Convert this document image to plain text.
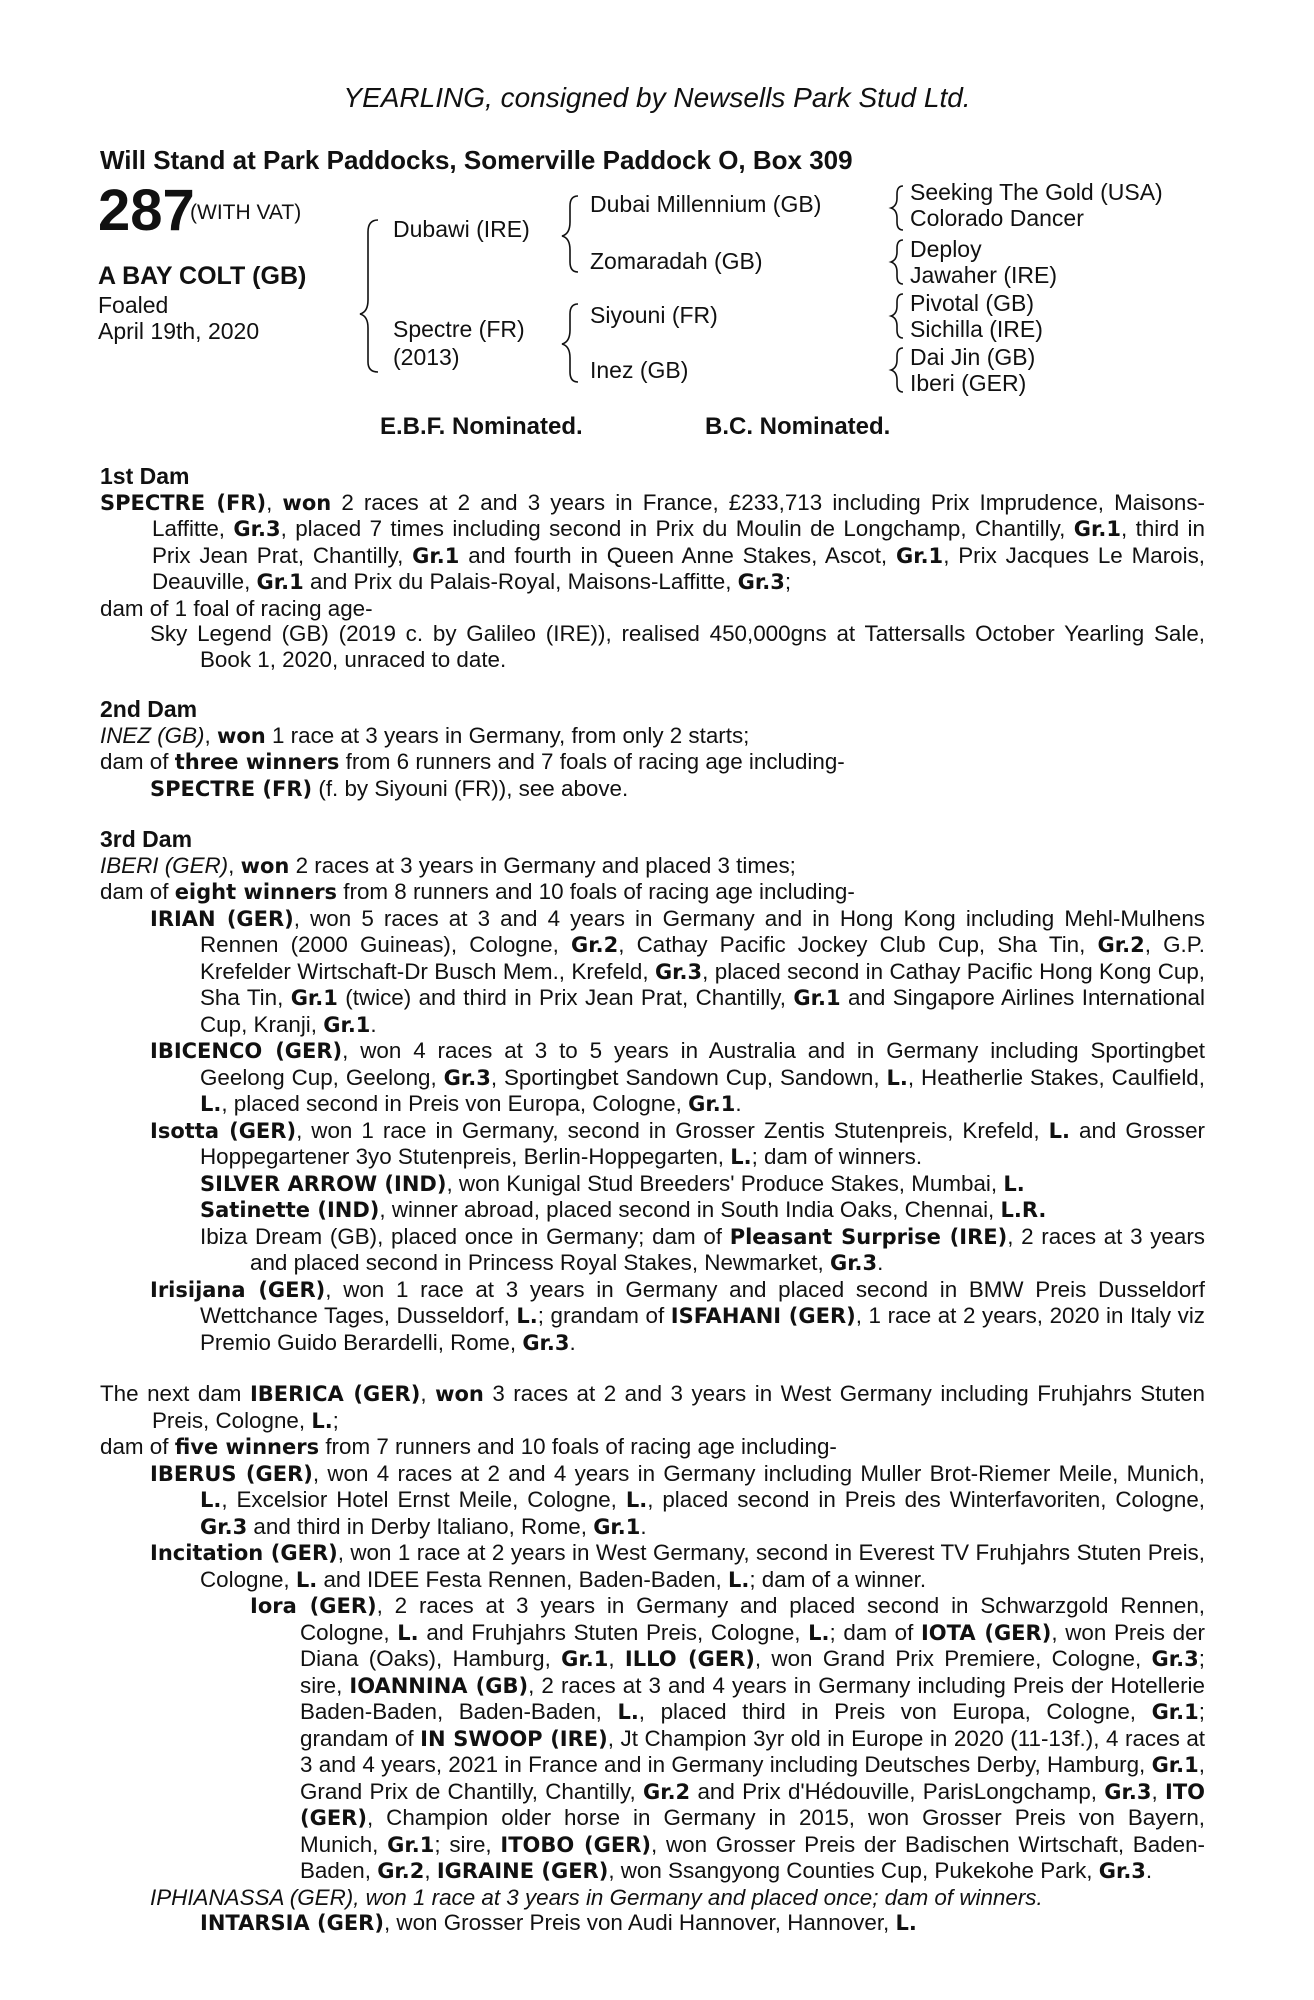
YEARLING, consigned by Newsells Park Stud Ltd.
Will Stand at Park Paddocks, Somerville Paddock O, Box 309
287
(WITH VAT)
A BAY COLT (GB)
Foaled
April 19th, 2020
Dubawi (IRE)
Spectre (FR)
(2013)
Dubai Millennium (GB)
Zomaradah (GB)
Siyouni (FR)
Inez (GB)
Seeking The Gold (USA)
Colorado Dancer
Deploy
Jawaher (IRE)
Pivotal (GB)
Sichilla (IRE)
Dai Jin (GB)
Iberi (GER)
E.B.F. Nominated.	B.C. Nominated.
1st Dam

SPECTRE (FR), won 2 races at 2 and 3 years in France, £233,713 including Prix Imprudence, Maisons-Laffitte, Gr.3, placed 7 times including second in Prix du Moulin de Longchamp, Chantilly, Gr.1, third in Prix Jean Prat, Chantilly, Gr.1 and fourth in Queen Anne Stakes, Ascot, Gr.1, Prix Jacques Le Marois, Deauville, Gr.1 and Prix du Palais-Royal, Maisons-Laffitte, Gr.3;

dam of 1 foal of racing age-

Sky Legend (GB) (2019 c. by Galileo (IRE)), realised 450,000gns at Tattersalls October Yearling Sale, Book 1, 2020, unraced to date.

2nd Dam

INEZ (GB), won 1 race at 3 years in Germany, from only 2 starts;

dam of three winners from 6 runners and 7 foals of racing age including-

SPECTRE (FR) (f. by Siyouni (FR)), see above.

3rd Dam

IBERI (GER), won 2 races at 3 years in Germany and placed 3 times;

dam of eight winners from 8 runners and 10 foals of racing age including-

IRIAN (GER), won 5 races at 3 and 4 years in Germany and in Hong Kong including Mehl-Mulhens Rennen (2000 Guineas), Cologne, Gr.2, Cathay Pacific Jockey Club Cup, Sha Tin, Gr.2, G.P. Krefelder Wirtschaft-Dr Busch Mem., Krefeld, Gr.3, placed second in Cathay Pacific Hong Kong Cup, Sha Tin, Gr.1 (twice) and third in Prix Jean Prat, Chantilly, Gr.1 and Singapore Airlines International Cup, Kranji, Gr.1.

IBICENCO (GER), won 4 races at 3 to 5 years in Australia and in Germany including Sportingbet Geelong Cup, Geelong, Gr.3, Sportingbet Sandown Cup, Sandown, L., Heatherlie Stakes, Caulfield, L., placed second in Preis von Europa, Cologne, Gr.1.

Isotta (GER), won 1 race in Germany, second in Grosser Zentis Stutenpreis, Krefeld, L. and Grosser Hoppegartener 3yo Stutenpreis, Berlin-Hoppegarten, L.; dam of winners.

SILVER ARROW (IND), won Kunigal Stud Breeders' Produce Stakes, Mumbai, L.

Satinette (IND), winner abroad, placed second in South India Oaks, Chennai, L.R.

Ibiza Dream (GB), placed once in Germany; dam of Pleasant Surprise (IRE), 2 races at 3 years and placed second in Princess Royal Stakes, Newmarket, Gr.3.

Irisijana (GER), won 1 race at 3 years in Germany and placed second in BMW Preis Dusseldorf Wettchance Tages, Dusseldorf, L.; grandam of ISFAHANI (GER), 1 race at 2 years, 2020 in Italy viz Premio Guido Berardelli, Rome, Gr.3.

The next dam IBERICA (GER), won 3 races at 2 and 3 years in West Germany including Fruhjahrs Stuten Preis, Cologne, L.;

dam of five winners from 7 runners and 10 foals of racing age including-

IBERUS (GER), won 4 races at 2 and 4 years in Germany including Muller Brot-Riemer Meile, Munich, L., Excelsior Hotel Ernst Meile, Cologne, L., placed second in Preis des Winterfavoriten, Cologne, Gr.3 and third in Derby Italiano, Rome, Gr.1.

Incitation (GER), won 1 race at 2 years in West Germany, second in Everest TV Fruhjahrs Stuten Preis, Cologne, L. and IDEE Festa Rennen, Baden-Baden, L.; dam of a winner.

Iora (GER), 2 races at 3 years in Germany and placed second in Schwarzgold Rennen, Cologne, L. and Fruhjahrs Stuten Preis, Cologne, L.; dam of IOTA (GER), won Preis der Diana (Oaks), Hamburg, Gr.1, ILLO (GER), won Grand Prix Premiere, Cologne, Gr.3; sire, IOANNINA (GB), 2 races at 3 and 4 years in Germany including Preis der Hotellerie Baden-Baden, Baden-Baden, L., placed third in Preis von Europa, Cologne, Gr.1; grandam of IN SWOOP (IRE), Jt Champion 3yr old in Europe in 2020 (11-13f.), 4 races at 3 and 4 years, 2021 in France and in Germany including Deutsches Derby, Hamburg, Gr.1, Grand Prix de Chantilly, Chantilly, Gr.2 and Prix d'Hédouville, ParisLongchamp, Gr.3, ITO (GER), Champion older horse in Germany in 2015, won Grosser Preis von Bayern, Munich, Gr.1; sire, ITOBO (GER), won Grosser Preis der Badischen Wirtschaft, Baden-Baden, Gr.2, IGRAINE (GER), won Ssangyong Counties Cup, Pukekohe Park, Gr.3.

IPHIANASSA (GER), won 1 race at 3 years in Germany and placed once; dam of winners.

INTARSIA (GER), won Grosser Preis von Audi Hannover, Hannover, L.
